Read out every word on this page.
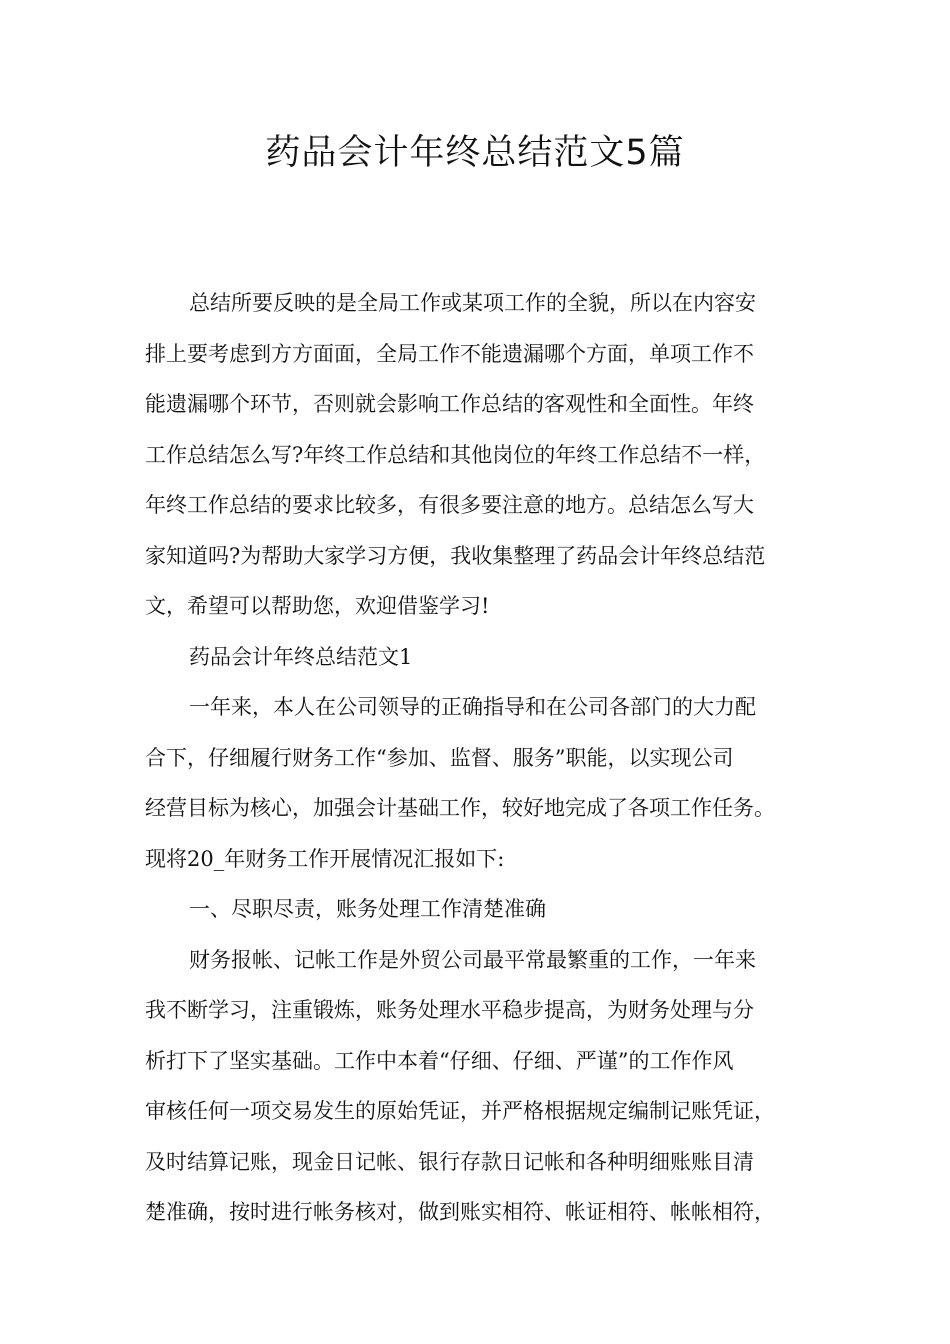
药品会计年终总结范文5篇
总结所要反映的是全局工作或某项工作的全貌，所以在内容安
排上要考虑到方方面面，全局工作不能遗漏哪个方面，单项工作不
能遗漏哪个环节，否则就会影响工作总结的客观性和全面性。年终
工作总结怎么写?年终工作总结和其他岗位的年终工作总结不一样，
年终工作总结的要求比较多，有很多要注意的地方。总结怎么写大
家知道吗?为帮助大家学习方便，我收集整理了药品会计年终总结范
文，希望可以帮助您，欢迎借鉴学习!
药品会计年终总结范文1
一年来，本人在公司领导的正确指导和在公司各部门的大力配
合下，仔细履行财务工作“参加、监督、服务”职能，以实现公司
经营目标为核心，加强会计基础工作，较好地完成了各项工作任务。
现将20_年财务工作开展情况汇报如下:
一、尽职尽责，账务处理工作清楚准确
财务报帐、记帐工作是外贸公司最平常最繁重的工作，一年来
我不断学习，注重锻炼，账务处理水平稳步提高，为财务处理与分
析打下了坚实基础。工作中本着“仔细、仔细、严谨”的工作作风
审核任何一项交易发生的原始凭证，并严格根据规定编制记账凭证，
及时结算记账，现金日记帐、银行存款日记帐和各种明细账账目清
楚准确，按时进行帐务核对，做到账实相符、帐证相符、帐帐相符，
